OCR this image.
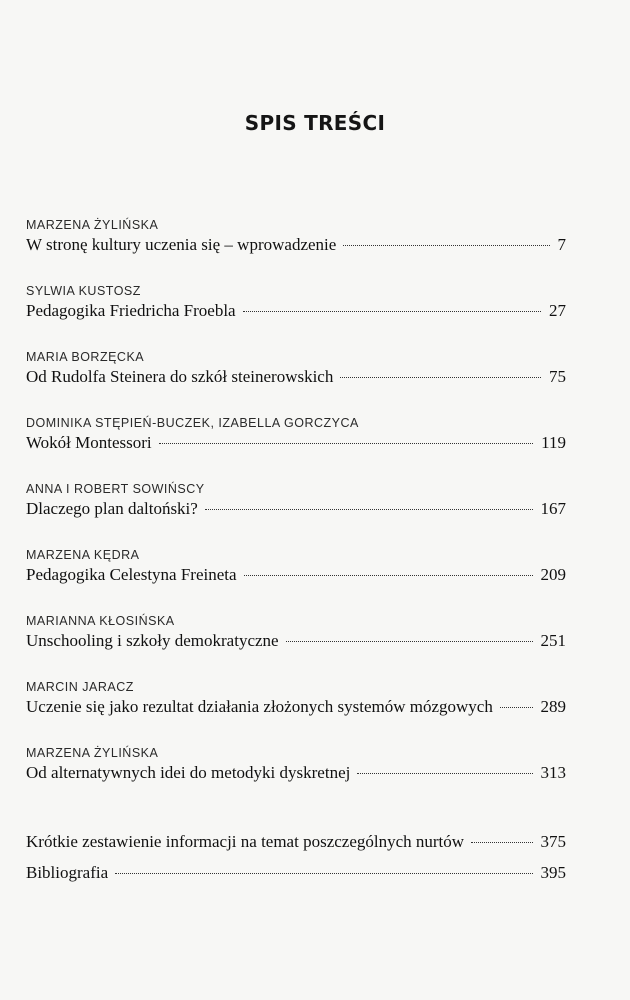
SPIS TREŚCI
MARZENA ŻYLIŃSKA
W stronę kultury uczenia się – wprowadzenie	7
SYLWIA KUSTOSZ
Pedagogika Friedricha Froebla	27
MARIA BORZĘCKA
Od Rudolfa Steinera do szkół steinerowskich	75
DOMINIKA STĘPIEŃ-BUCZEK, IZABELLA GORCZYCA
Wokół Montessori	119
ANNA I ROBERT SOWIŃSCY
Dlaczego plan daltoński?	167
MARZENA KĘDRA
Pedagogika Celestyna Freineta	209
MARIANNA KŁOSIŃSKA
Unschooling i szkoły demokratyczne	251
MARCIN JARACZ
Uczenie się jako rezultat działania złożonych systemów mózgowych	289
MARZENA ŻYLIŃSKA
Od alternatywnych idei do metodyki dyskretnej	313
Krótkie zestawienie informacji na temat poszczególnych nurtów	375
Bibliografia	395
